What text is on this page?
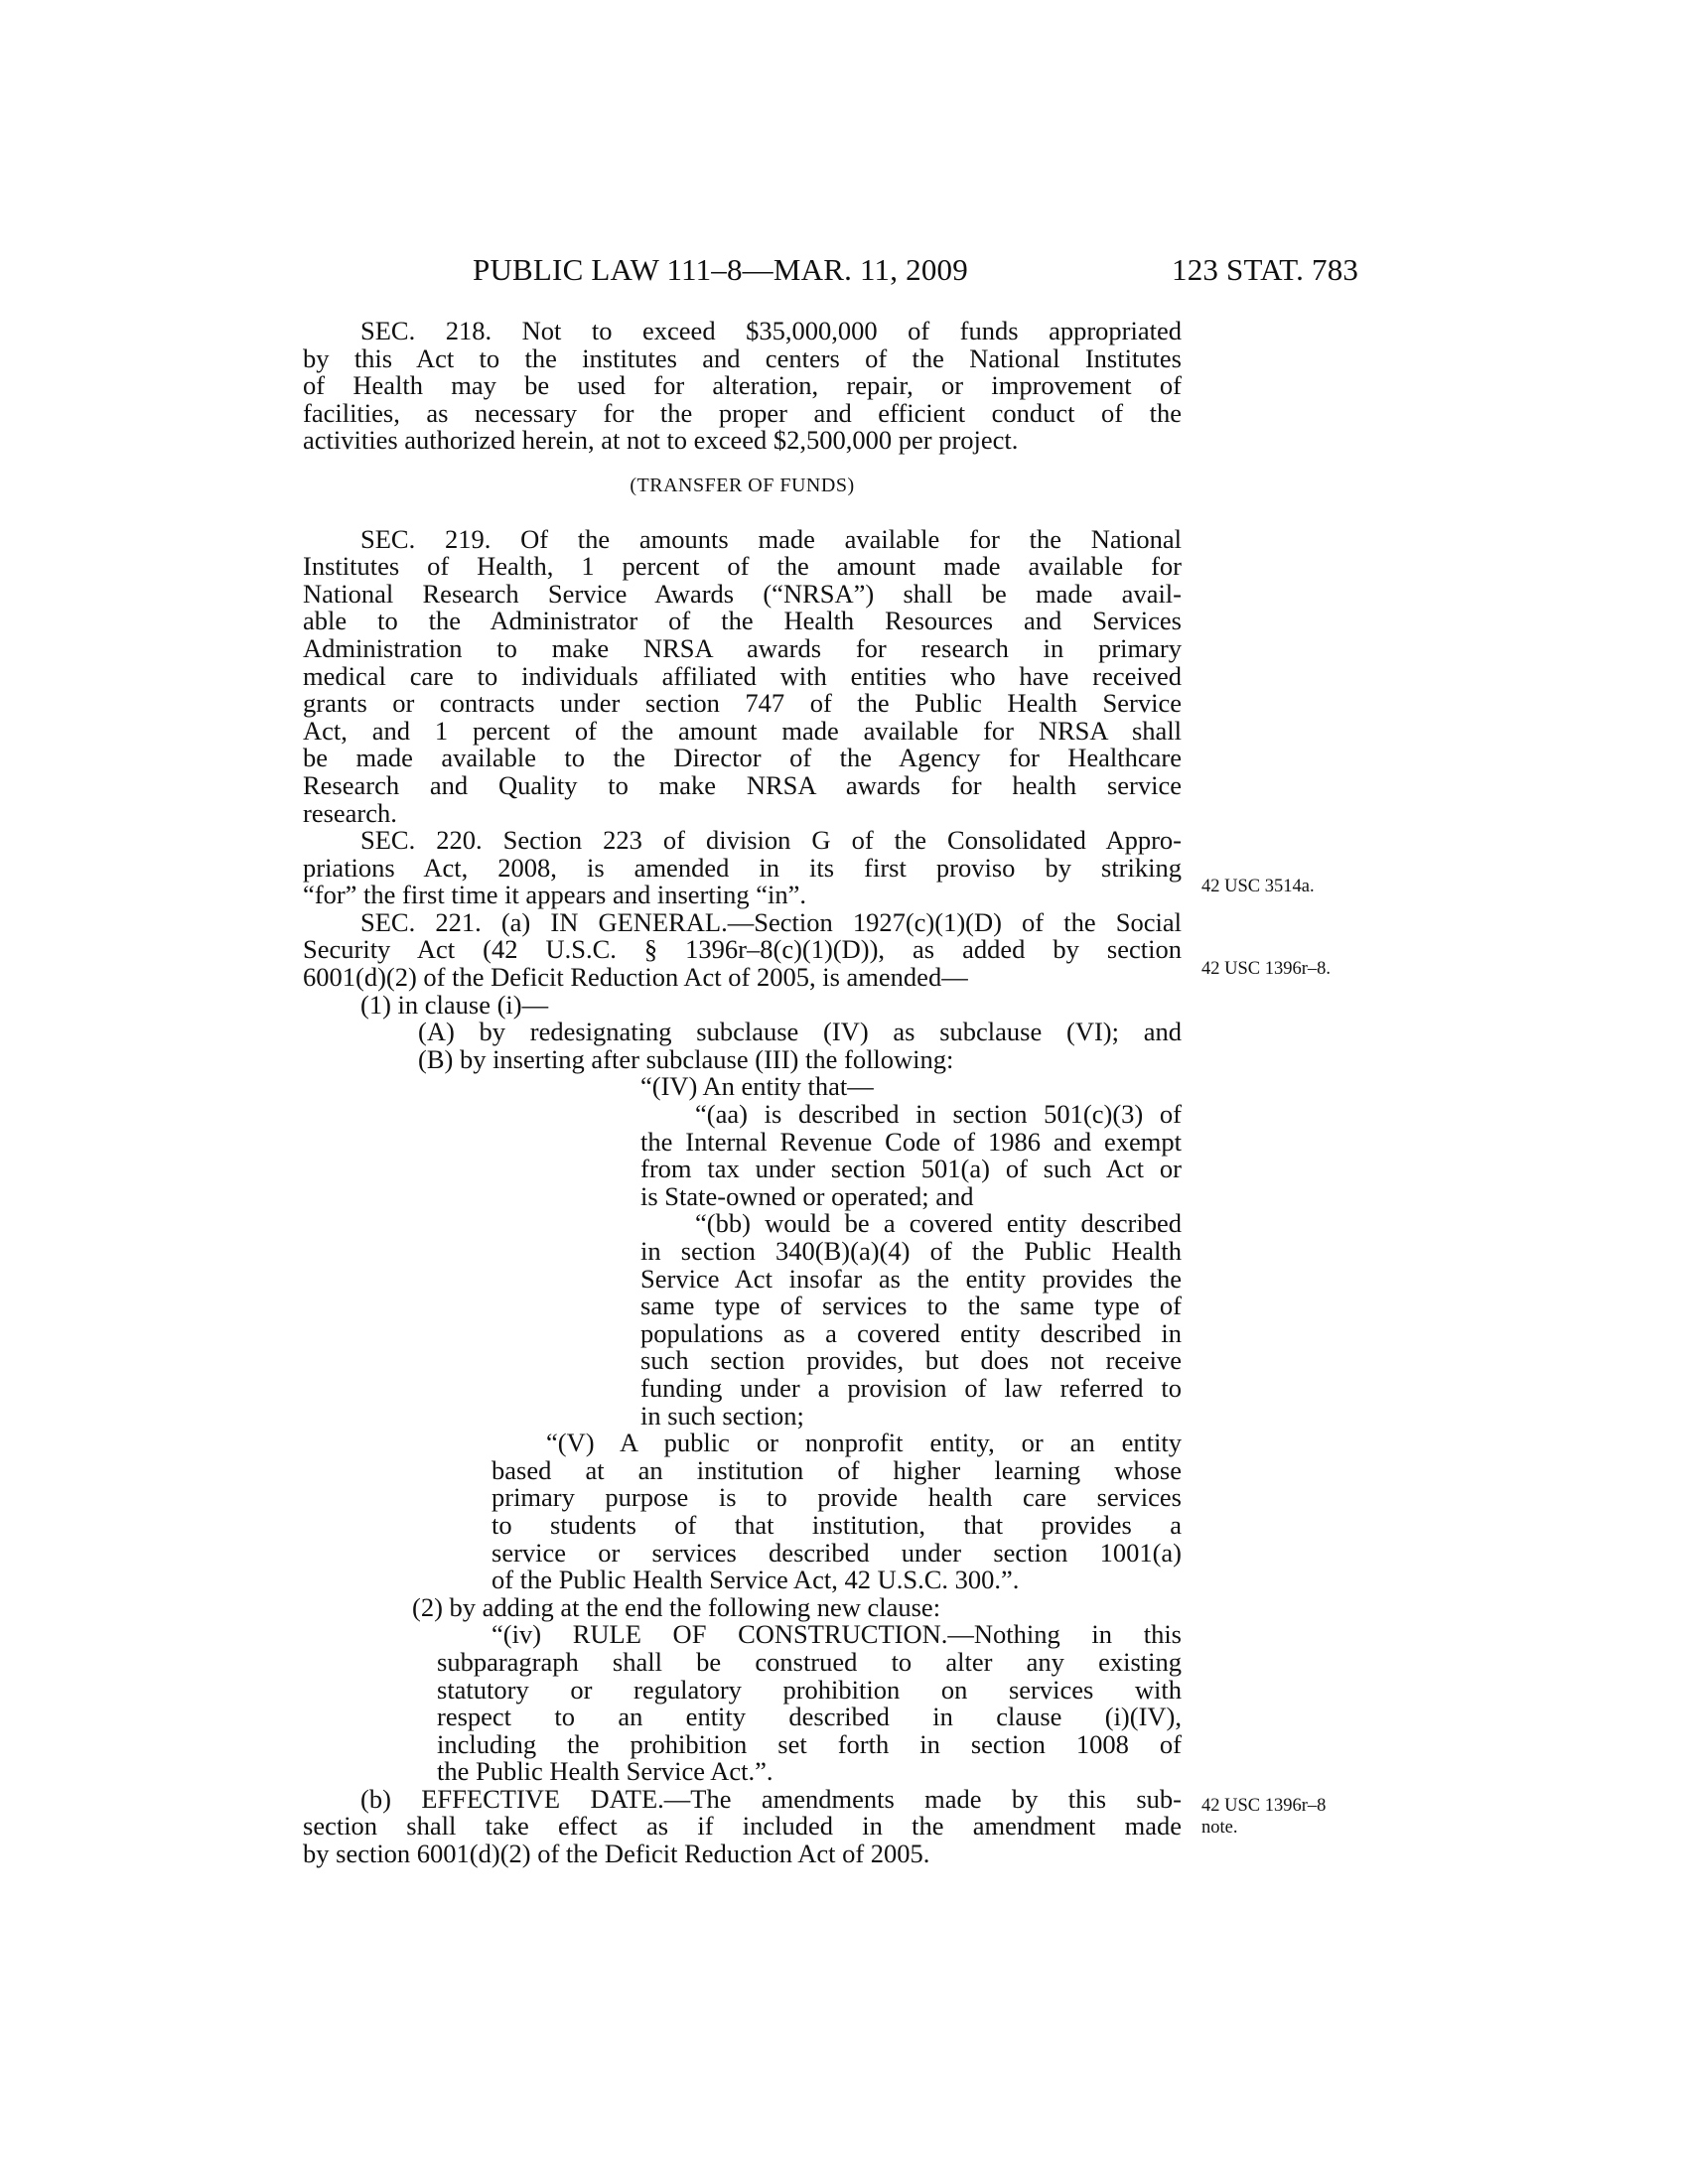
PUBLIC LAW 111–8—MAR. 11, 2009	123 STAT. 783

SEC. 218. Not to exceed $35,000,000 of funds appropriated
by this Act to the institutes and centers of the National Institutes
of Health may be used for alteration, repair, or improvement of
facilities, as necessary for the proper and efficient conduct of the
activities authorized herein, at not to exceed $2,500,000 per project.

(TRANSFER OF FUNDS)

SEC. 219. Of the amounts made available for the National
Institutes of Health, 1 percent of the amount made available for
National Research Service Awards (“NRSA”) shall be made avail-
able to the Administrator of the Health Resources and Services
Administration to make NRSA awards for research in primary
medical care to individuals affiliated with entities who have received
grants or contracts under section 747 of the Public Health Service
Act, and 1 percent of the amount made available for NRSA shall
be made available to the Director of the Agency for Healthcare
Research and Quality to make NRSA awards for health service
research.

SEC. 220. Section 223 of division G of the Consolidated Appro-
priations Act, 2008, is amended in its first proviso by striking
“for” the first time it appears and inserting “in”.

SEC. 221. (a) IN GENERAL.—Section 1927(c)(1)(D) of the Social
Security Act (42 U.S.C. § 1396r–8(c)(1)(D)), as added by section
6001(d)(2) of the Deficit Reduction Act of 2005, is amended—
(1) in clause (i)—
(A) by redesignating subclause (IV) as subclause (VI); and
(B) by inserting after subclause (III) the following:
“(IV) An entity that—
“(aa) is described in section 501(c)(3) of
the Internal Revenue Code of 1986 and exempt
from tax under section 501(a) of such Act or
is State-owned or operated; and
“(bb) would be a covered entity described
in section 340(B)(a)(4) of the Public Health
Service Act insofar as the entity provides the
same type of services to the same type of
populations as a covered entity described in
such section provides, but does not receive
funding under a provision of law referred to
in such section;
“(V) A public or nonprofit entity, or an entity
based at an institution of higher learning whose
primary purpose is to provide health care services
to students of that institution, that provides a
service or services described under section 1001(a)
of the Public Health Service Act, 42 U.S.C. 300.”.
(2) by adding at the end the following new clause:
“(iv) RULE OF CONSTRUCTION.—Nothing in this
subparagraph shall be construed to alter any existing
statutory or regulatory prohibition on services with
respect to an entity described in clause (i)(IV),
including the prohibition set forth in section 1008 of
the Public Health Service Act.”.
(b) EFFECTIVE DATE.—The amendments made by this sub-
section shall take effect as if included in the amendment made
by section 6001(d)(2) of the Deficit Reduction Act of 2005.

42 USC 3514a.
42 USC 1396r–8.
42 USC 1396r–8
note.
